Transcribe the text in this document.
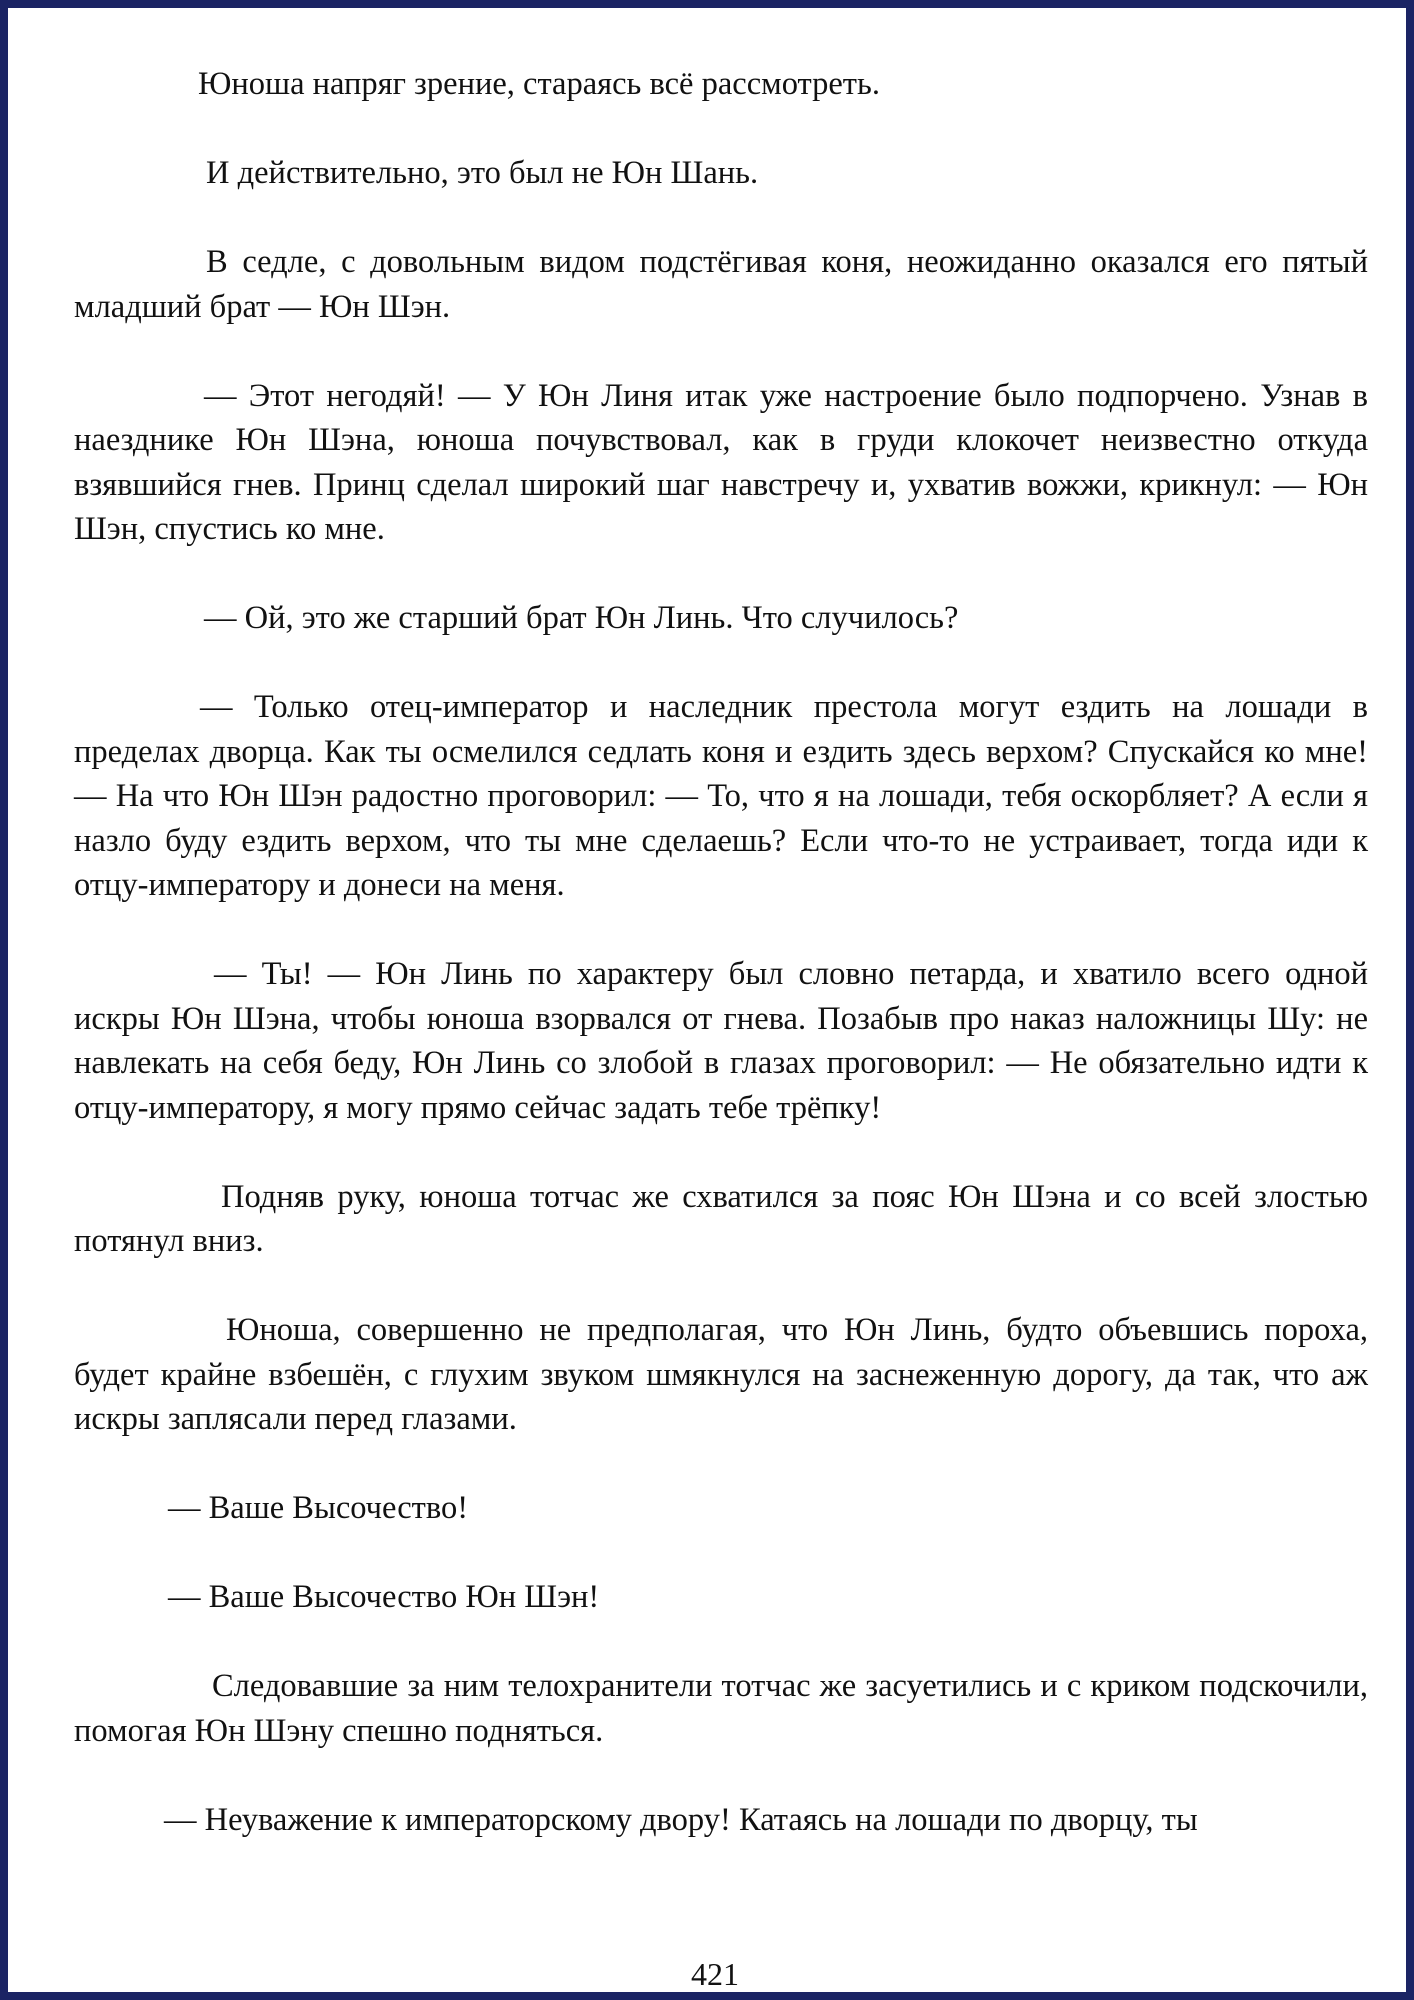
Юноша напряг зрение, стараясь всё рассмотреть.

И действительно, это был не Юн Шань.

В седле, с довольным видом подстёгивая коня, неожиданно оказался его пятый младший брат — Юн Шэн.

— Этот негодяй! — У Юн Линя итак уже настроение было подпорчено. Узнав в наезднике Юн Шэна, юноша почувствовал, как в груди клокочет неизвестно откуда взявшийся гнев. Принц сделал широкий шаг навстречу и, ухватив вожжи, крикнул: — Юн Шэн, спустись ко мне.

— Ой, это же старший брат Юн Линь. Что случилось?

— Только отец-император и наследник престола могут ездить на лошади в пределах дворца. Как ты осмелился седлать коня и ездить здесь верхом? Спускайся ко мне! — На что Юн Шэн радостно проговорил: — То, что я на лошади, тебя оскорбляет? А если я назло буду ездить верхом, что ты мне сделаешь? Если что-то не устраивает, тогда иди к отцу-императору и донеси на меня.

— Ты! — Юн Линь по характеру был словно петарда, и хватило всего одной искры Юн Шэна, чтобы юноша взорвался от гнева. Позабыв про наказ наложницы Шу: не навлекать на себя беду, Юн Линь со злобой в глазах проговорил: — Не обязательно идти к отцу-императору, я могу прямо сейчас задать тебе трёпку!

Подняв руку, юноша тотчас же схватился за пояс Юн Шэна и со всей злостью потянул вниз.

Юноша, совершенно не предполагая, что Юн Линь, будто объевшись пороха, будет крайне взбешён, с глухим звуком шмякнулся на заснеженную дорогу, да так, что аж искры заплясали перед глазами.

— Ваше Высочество!

— Ваше Высочество Юн Шэн!

Следовавшие за ним телохранители тотчас же засуетились и с криком подскочили, помогая Юн Шэну спешно подняться.

— Неуважение к императорскому двору! Катаясь на лошади по дворцу, ты

421
